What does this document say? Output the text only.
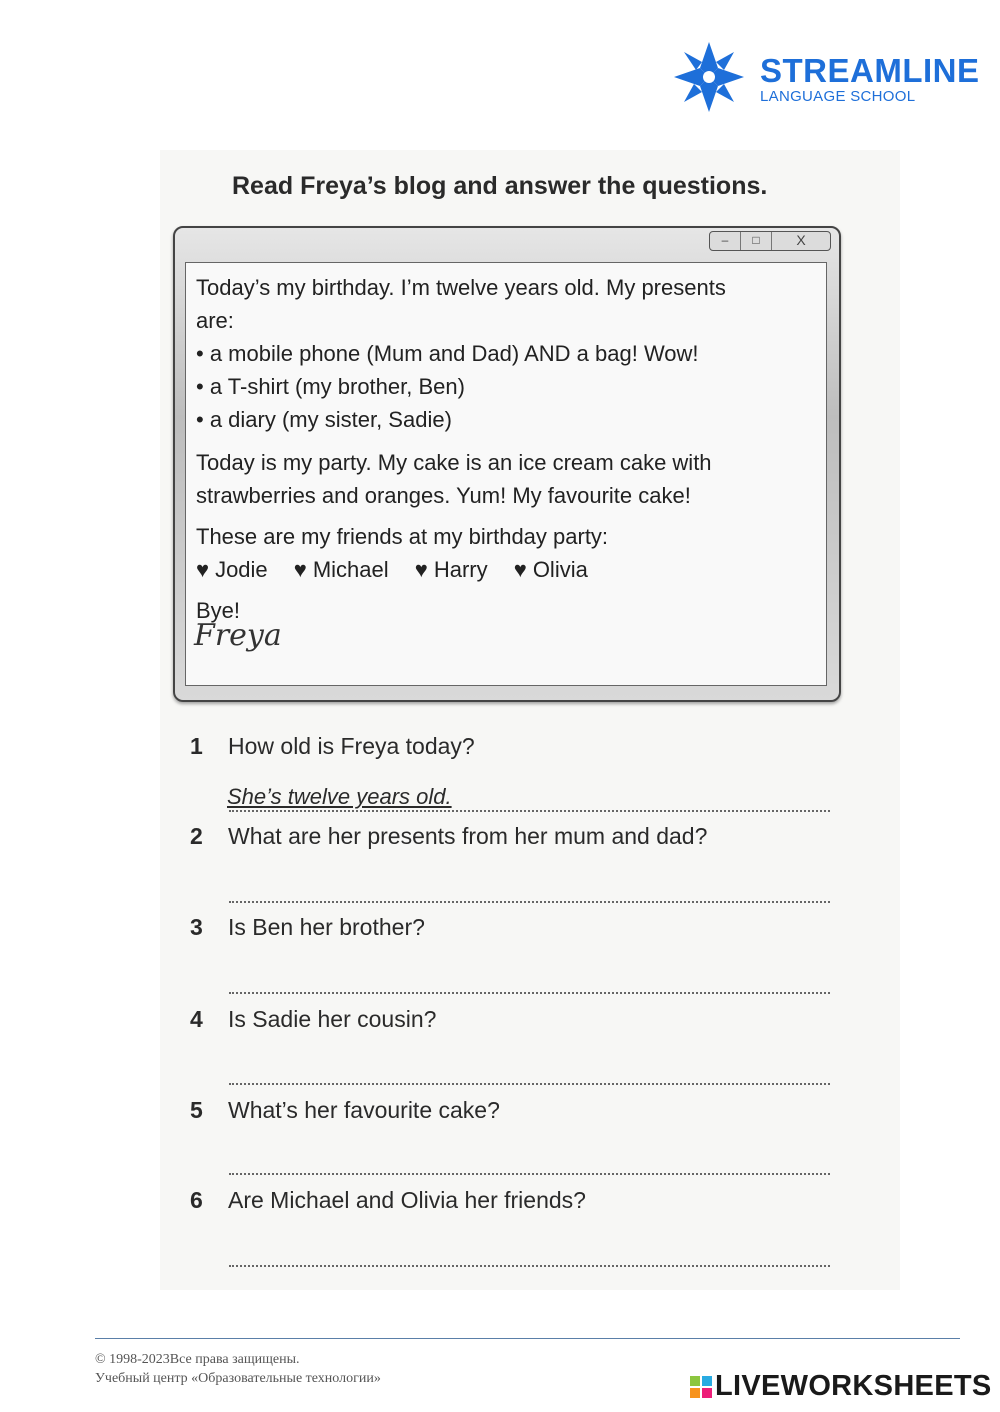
STREAMLINE
LANGUAGE SCHOOL
Read Freya’s blog and answer the questions.
–	□	X
Today’s my birthday. I’m twelve years old. My presents
are:
• a mobile phone (Mum and Dad) AND a bag! Wow!
• a T-shirt (my brother, Ben)
• a diary (my sister, Sadie)
Today is my party. My cake is an ice cream cake with
strawberries and oranges. Yum! My favourite cake!
These are my friends at my birthday party:
♥ Jodie ♥ Michael ♥ Harry ♥ Olivia
Bye!
Freya
1 How old is Freya today?
She’s twelve years old.
2 What are her presents from her mum and dad?
3 Is Ben her brother?
4 Is Sadie her cousin?
5 What’s her favourite cake?
6 Are Michael and Olivia her friends?
© 1998-2023Все права защищены.
Учебный центр «Образовательные технологии»	LIVEWORKSHEETS
